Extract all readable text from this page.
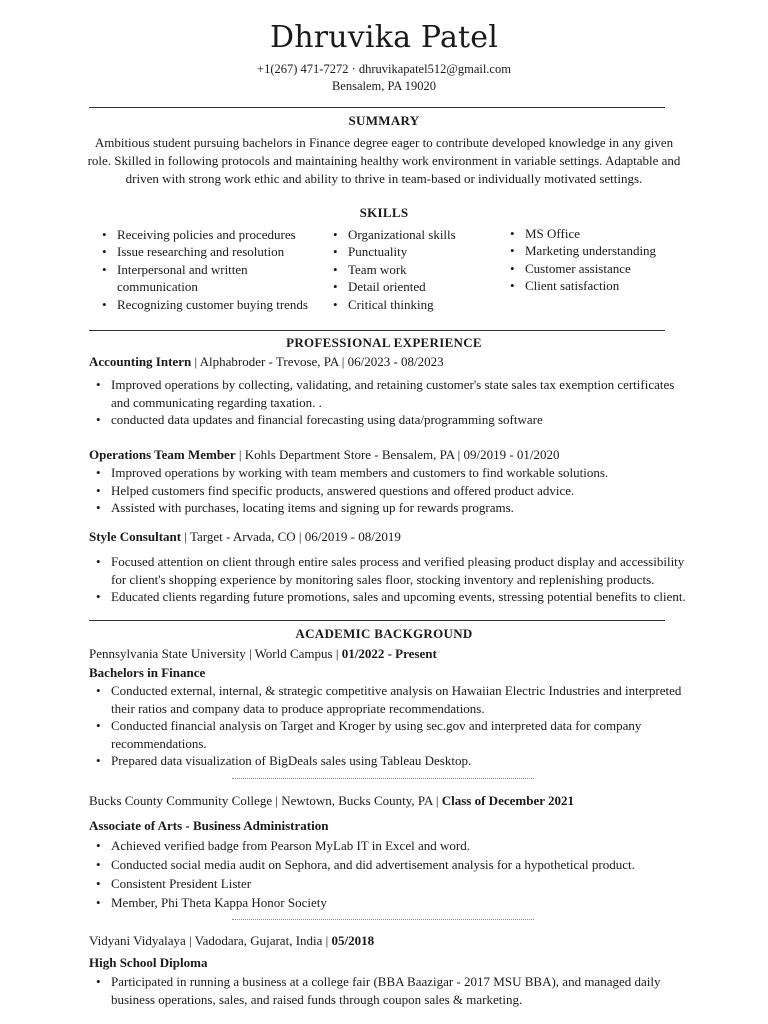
Dhruvika Patel
+1(267) 471-7272 · dhruvikapatel512@gmail.com
Bensalem, PA 19020
SUMMARY
Ambitious student pursuing bachelors in Finance degree eager to contribute developed knowledge in any given role. Skilled in following protocols and maintaining healthy work environment in variable settings. Adaptable and driven with strong work ethic and ability to thrive in team-based or individually motivated settings.
SKILLS
• Receiving policies and procedures
• Issue researching and resolution
• Interpersonal and written communication
• Recognizing customer buying trends
• Organizational skills
• Punctuality
• Team work
• Detail oriented
• Critical thinking
• MS Office
• Marketing understanding
• Customer assistance
• Client satisfaction
PROFESSIONAL EXPERIENCE
Accounting Intern | Alphabroder - Trevose, PA | 06/2023 - 08/2023
• Improved operations by collecting, validating, and retaining customer's state sales tax exemption certificates and communicating regarding taxation. .
• conducted data updates and financial forecasting using data/programming software
Operations Team Member | Kohls Department Store - Bensalem, PA | 09/2019 - 01/2020
• Improved operations by working with team members and customers to find workable solutions.
• Helped customers find specific products, answered questions and offered product advice.
• Assisted with purchases, locating items and signing up for rewards programs.
Style Consultant | Target - Arvada, CO | 06/2019 - 08/2019
• Focused attention on client through entire sales process and verified pleasing product display and accessibility for client's shopping experience by monitoring sales floor, stocking inventory and replenishing products.
• Educated clients regarding future promotions, sales and upcoming events, stressing potential benefits to client.
ACADEMIC BACKGROUND
Pennsylvania State University | World Campus | 01/2022 - Present
Bachelors in Finance
• Conducted external, internal, & strategic competitive analysis on Hawaiian Electric Industries and interpreted their ratios and company data to produce appropriate recommendations.
• Conducted financial analysis on Target and Kroger by using sec.gov and interpreted data for company recommendations.
• Prepared data visualization of BigDeals sales using Tableau Desktop.
Bucks County Community College | Newtown, Bucks County, PA | Class of December 2021
Associate of Arts - Business Administration
• Achieved verified badge from Pearson MyLab IT in Excel and word.
• Conducted social media audit on Sephora, and did advertisement analysis for a hypothetical product.
• Consistent President Lister
• Member, Phi Theta Kappa Honor Society
Vidyani Vidyalaya | Vadodara, Gujarat, India | 05/2018
High School Diploma
• Participated in running a business at a college fair (BBA Baazigar - 2017 MSU BBA), and managed daily business operations, sales, and raised funds through coupon sales & marketing.
